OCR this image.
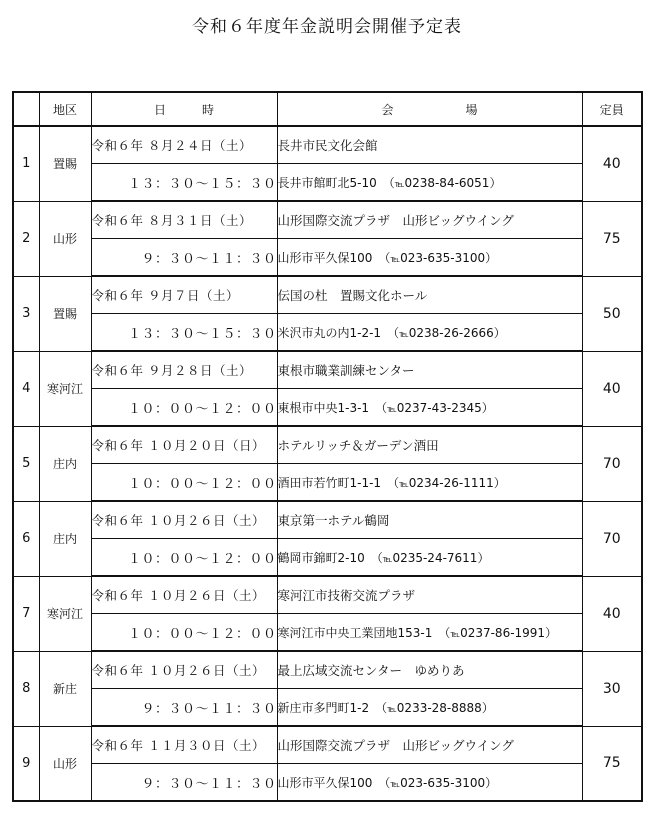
令和６年度年金説明会開催予定表
	地区	日　　　時	会　　　　　　場	定員
1	置賜	令和６年 ８月２４日（土）	長井市民文化会館	40
		１３：３０～１５：３０	長井市館町北5-10　（℡0238-84-6051）	
2	山形	令和６年 ８月３１日（土）	山形国際交流プラザ　山形ビッグウイング	75
		９：３０～１１：３０	山形市平久保100　（℡023-635-3100）	
3	置賜	令和６年 ９月７日（土）	伝国の杜　置賜文化ホール	50
		１３：３０～１５：３０	米沢市丸の内1-2-1　（℡0238-26-2666）	
4	寒河江	令和６年 ９月２８日（土）	東根市職業訓練センター	40
		１０：００～１２：００	東根市中央1-3-1　（℡0237-43-2345）	
5	庄内	令和６年 １０月２０日（日）	ホテルリッチ＆ガーデン酒田	70
		１０：００～１２：００	酒田市若竹町1-1-1　（℡0234-26-1111）	
6	庄内	令和６年 １０月２６日（土）	東京第一ホテル鶴岡	70
		１０：００～１２：００	鶴岡市錦町2-10　（℡0235-24-7611）	
7	寒河江	令和６年 １０月２６日（土）	寒河江市技術交流プラザ	40
		１０：００～１２：００	寒河江市中央工業団地153-1　（℡0237-86-1991）	
8	新庄	令和６年 １０月２６日（土）	最上広域交流センター　ゆめりあ	30
		９：３０～１１：３０	新庄市多門町1-2　（℡0233-28-8888）	
9	山形	令和６年 １１月３０日（土）	山形国際交流プラザ　山形ビッグウイング	75
		９：３０～１１：３０	山形市平久保100　（℡023-635-3100）	
